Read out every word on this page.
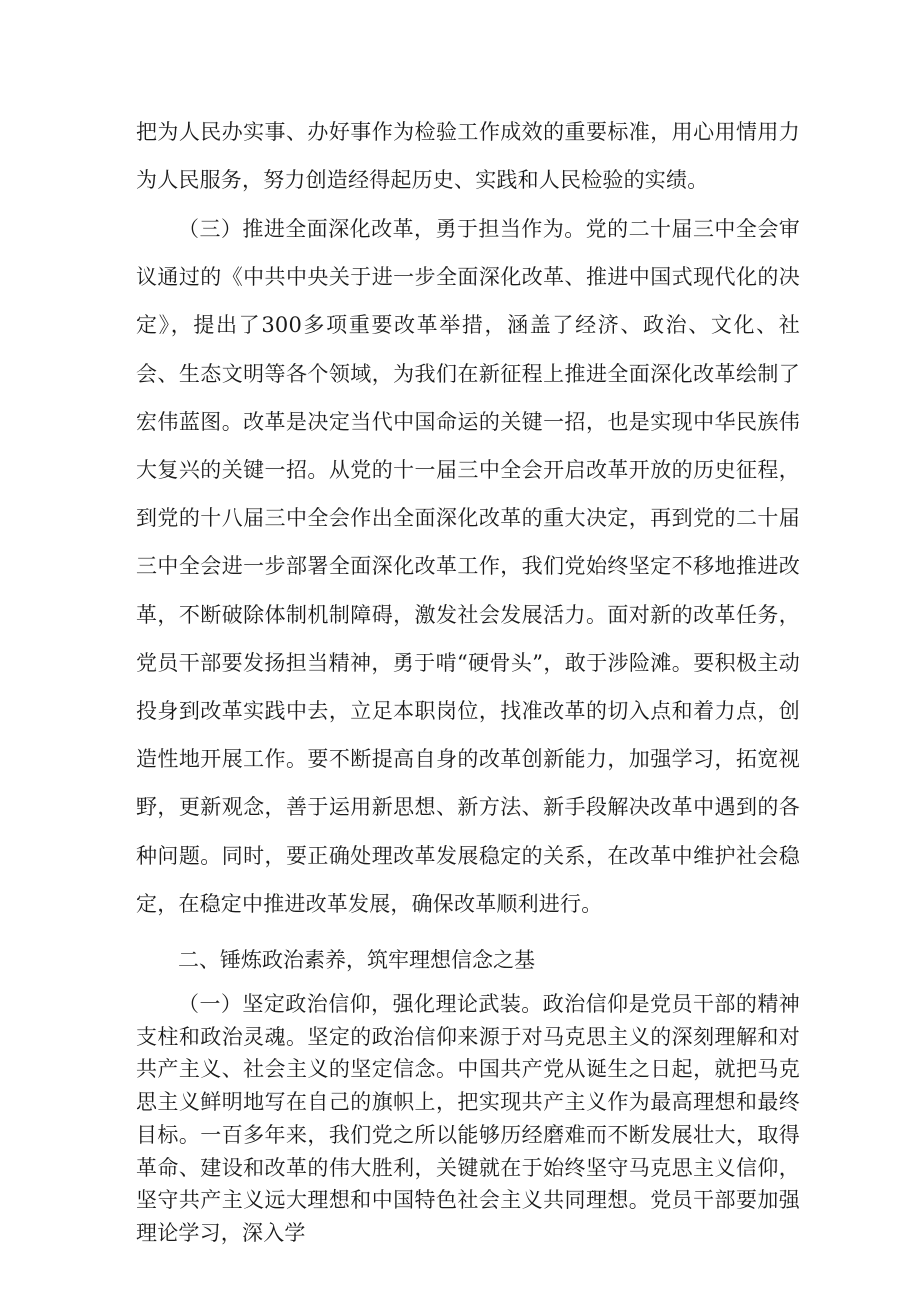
把为人民办实事、办好事作为检验工作成效的重要标准，用心用情用力为人民服务，努力创造经得起历史、实践和人民检验的实绩。

（三）推进全面深化改革，勇于担当作为。党的二十届三中全会审议通过的《中共中央关于进一步全面深化改革、推进中国式现代化的决定》，提出了300多项重要改革举措，涵盖了经济、政治、文化、社会、生态文明等各个领域，为我们在新征程上推进全面深化改革绘制了宏伟蓝图。改革是决定当代中国命运的关键一招，也是实现中华民族伟大复兴的关键一招。从党的十一届三中全会开启改革开放的历史征程，到党的十八届三中全会作出全面深化改革的重大决定，再到党的二十届三中全会进一步部署全面深化改革工作，我们党始终坚定不移地推进改革，不断破除体制机制障碍，激发社会发展活力。面对新的改革任务，党员干部要发扬担当精神，勇于啃“硬骨头”，敢于涉险滩。要积极主动投身到改革实践中去，立足本职岗位，找准改革的切入点和着力点，创造性地开展工作。要不断提高自身的改革创新能力，加强学习，拓宽视野，更新观念，善于运用新思想、新方法、新手段解决改革中遇到的各种问题。同时，要正确处理改革发展稳定的关系，在改革中维护社会稳定，在稳定中推进改革发展，确保改革顺利进行。

二、锤炼政治素养，筑牢理想信念之基

（一）坚定政治信仰，强化理论武装。政治信仰是党员干部的精神支柱和政治灵魂。坚定的政治信仰来源于对马克思主义的深刻理解和对共产主义、社会主义的坚定信念。中国共产党从诞生之日起，就把马克思主义鲜明地写在自己的旗帜上，把实现共产主义作为最高理想和最终目标。一百多年来，我们党之所以能够历经磨难而不断发展壮大，取得革命、建设和改革的伟大胜利，关键就在于始终坚守马克思主义信仰，坚守共产主义远大理想和中国特色社会主义共同理想。党员干部要加强理论学习，深入学
